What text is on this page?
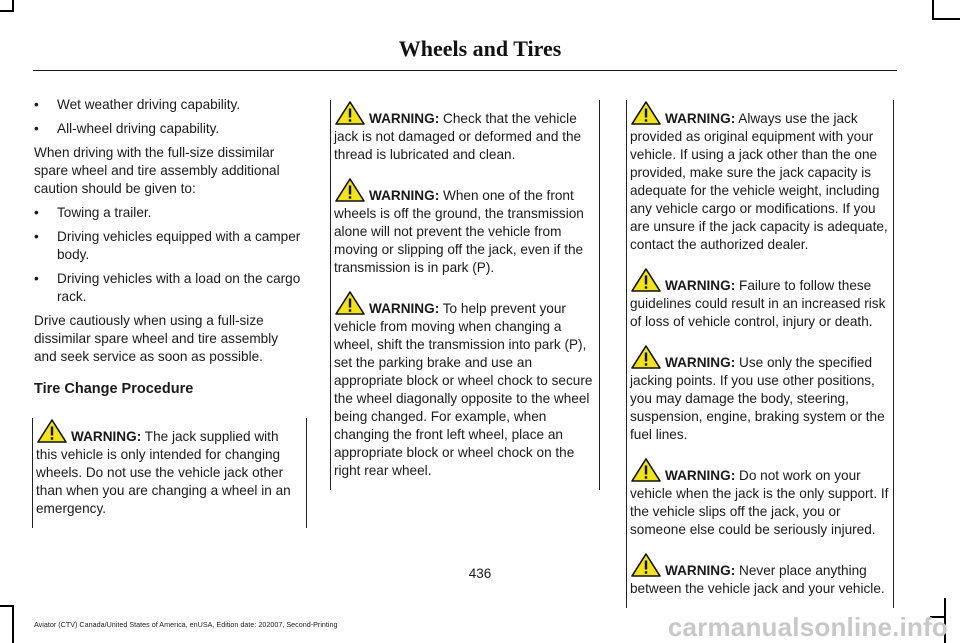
Wheels and Tires
• Wet weather driving capability.
• All-wheel driving capability.

When driving with the full-size dissimilar spare wheel and tire assembly additional caution should be given to:

• Towing a trailer.
• Driving vehicles equipped with a camper body.
• Driving vehicles with a load on the cargo rack.

Drive cautiously when using a full-size dissimilar spare wheel and tire assembly and seek service as soon as possible.

Tire Change Procedure
WARNING: The jack supplied with this vehicle is only intended for changing wheels. Do not use the vehicle jack other than when you are changing a wheel in an emergency.
WARNING: Check that the vehicle jack is not damaged or deformed and the thread is lubricated and clean.
WARNING: When one of the front wheels is off the ground, the transmission alone will not prevent the vehicle from moving or slipping off the jack, even if the transmission is in park (P).
WARNING: To help prevent your vehicle from moving when changing a wheel, shift the transmission into park (P), set the parking brake and use an appropriate block or wheel chock to secure the wheel diagonally opposite to the wheel being changed. For example, when changing the front left wheel, place an appropriate block or wheel chock on the right rear wheel.
WARNING: Always use the jack provided as original equipment with your vehicle. If using a jack other than the one provided, make sure the jack capacity is adequate for the vehicle weight, including any vehicle cargo or modifications. If you are unsure if the jack capacity is adequate, contact the authorized dealer.
WARNING: Failure to follow these guidelines could result in an increased risk of loss of vehicle control, injury or death.
WARNING: Use only the specified jacking points. If you use other positions, you may damage the body, steering, suspension, engine, braking system or the fuel lines.
WARNING: Do not work on your vehicle when the jack is the only support. If the vehicle slips off the jack, you or someone else could be seriously injured.
WARNING: Never place anything between the vehicle jack and your vehicle.
436
Aviator (CTV) Canada/United States of America, enUSA, Edition date: 202007, Second-Printing	carmanualsonline.info
